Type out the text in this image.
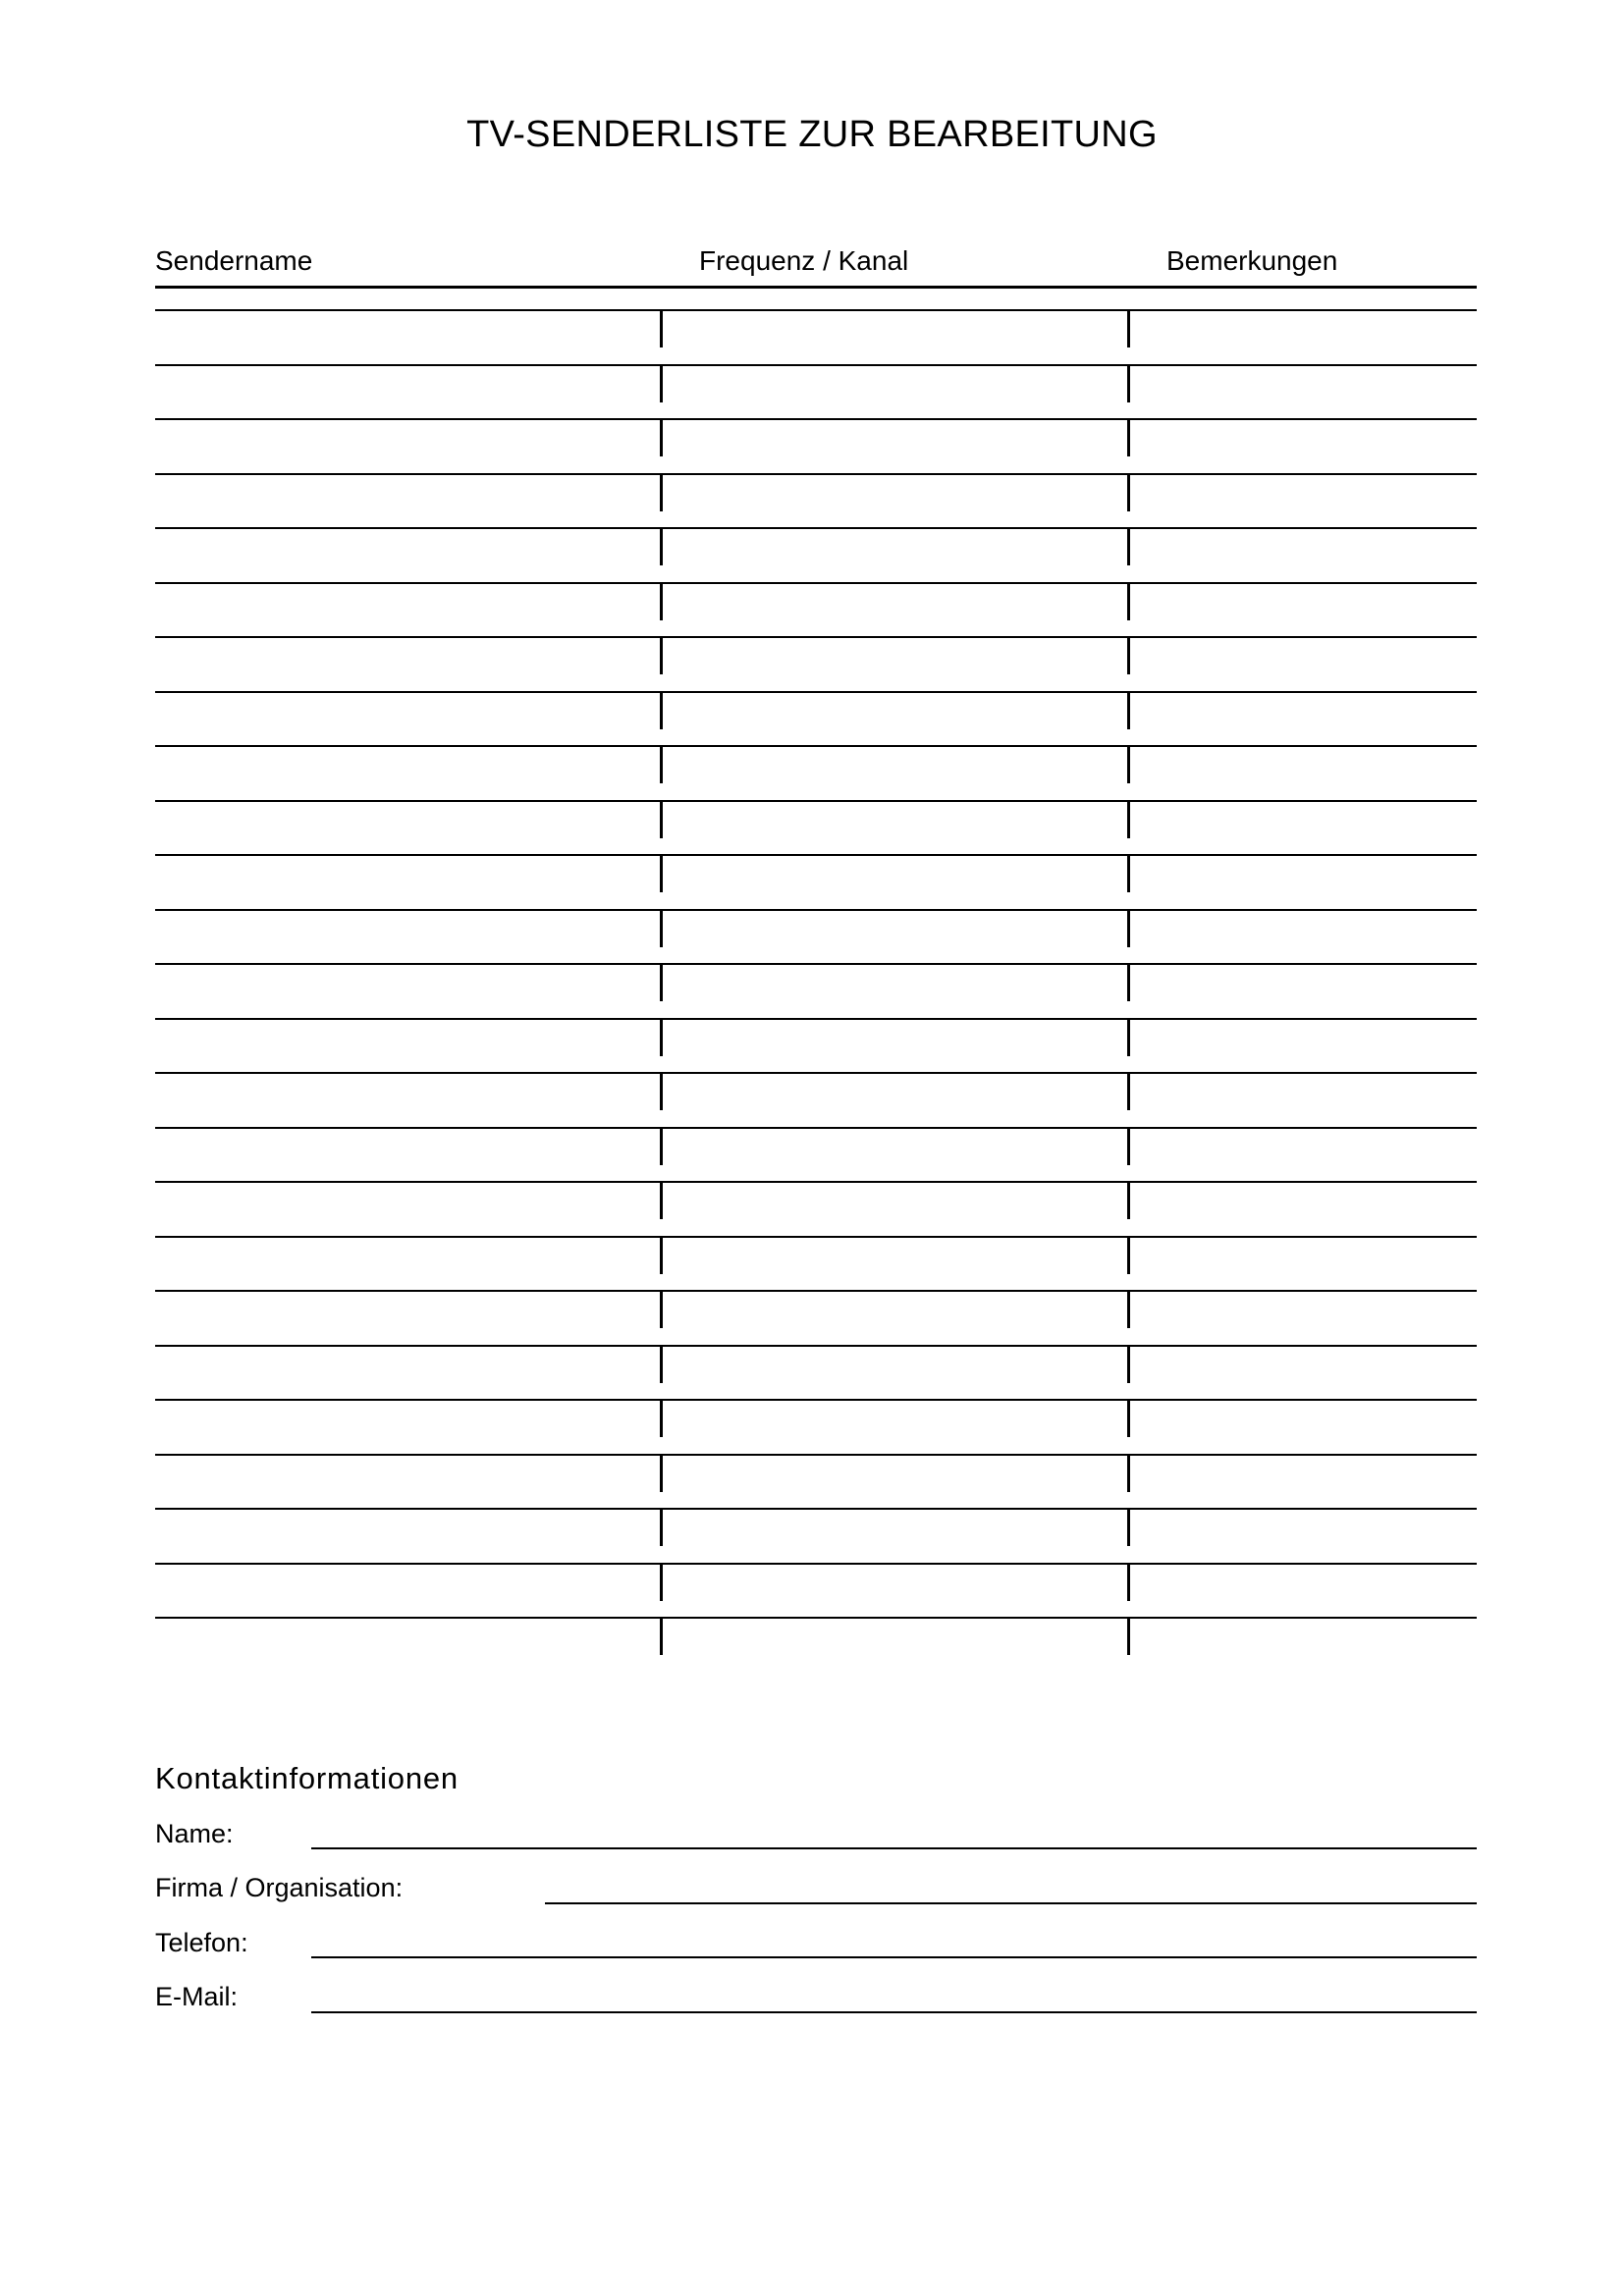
TV-SENDERLISTE ZUR BEARBEITUNG
Sendername	Frequenz / Kanal	Bemerkungen
Kontaktinformationen
Name:
Firma / Organisation:
Telefon:
E-Mail:
